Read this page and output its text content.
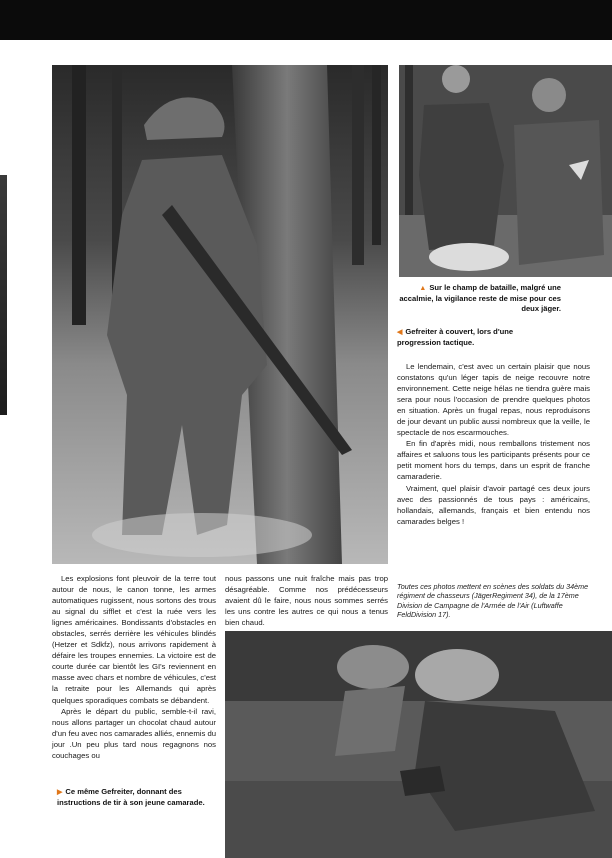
▲ Sur le champ de bataille, malgré une accalmie, la vigilance reste de mise pour ces deux jäger.
◀ Gefreiter à couvert, lors d'une progression tactique.

Le lendemain, c'est avec un certain plaisir que nous constatons qu'un léger tapis de neige recouvre notre environnement. Cette neige hélas ne tiendra guère mais sera pour nous l'occasion de prendre quelques photos en situation. Après un frugal repas, nous reproduisons de jour devant un public aussi nombreux que la veille, le spectacle de nos escarmouches.

En fin d'après midi, nous remballons tristement nos affaires et saluons tous les participants présents pour ce petit moment hors du temps, dans un esprit de franche camaraderie.

Vraiment, quel plaisir d'avoir partagé ces deux jours avec des passionnés de tous pays : américains, hollandais, allemands, français et bien entendu nos camarades belges !

Toutes ces photos mettent en scènes des soldats du 34ème régiment de chasseurs (JägerRegiment 34), de la 17ème Division de Campagne de l'Armée de l'Air (Luftwaffe FeldDivision 17).

Les explosions font pleuvoir de la terre tout autour de nous, le canon tonne, les armes automatiques rugissent, nous sortons des trous au signal du sifflet et c'est la ruée vers les lignes américaines. Bondissants d'obstacles en obstacles, serrés derrière les véhicules blindés (Hetzer et Sdkfz), nous arrivons rapidement à défaire les troupes ennemies. La victoire est de courte durée car bientôt les GI's reviennent en masse avec chars et nombre de véhicules, c'est la retraite pour les Allemands qui après quelques sporadiques combats se débandent.

Après le départ du public, semble-t-il ravi, nous allons partager un chocolat chaud autour d'un feu avec nos camarades alliés, ennemis du jour .Un peu plus tard nous regagnons nos couchages ou

▶ Ce même Gefreiter, donnant des instructions de tir à son jeune camarade.

nous passons une nuit fraîche mais pas trop désagréable. Comme nos prédécesseurs avaient dû le faire, nous nous sommes serrés les uns contre les autres ce qui nous a tenus bien chaud.
